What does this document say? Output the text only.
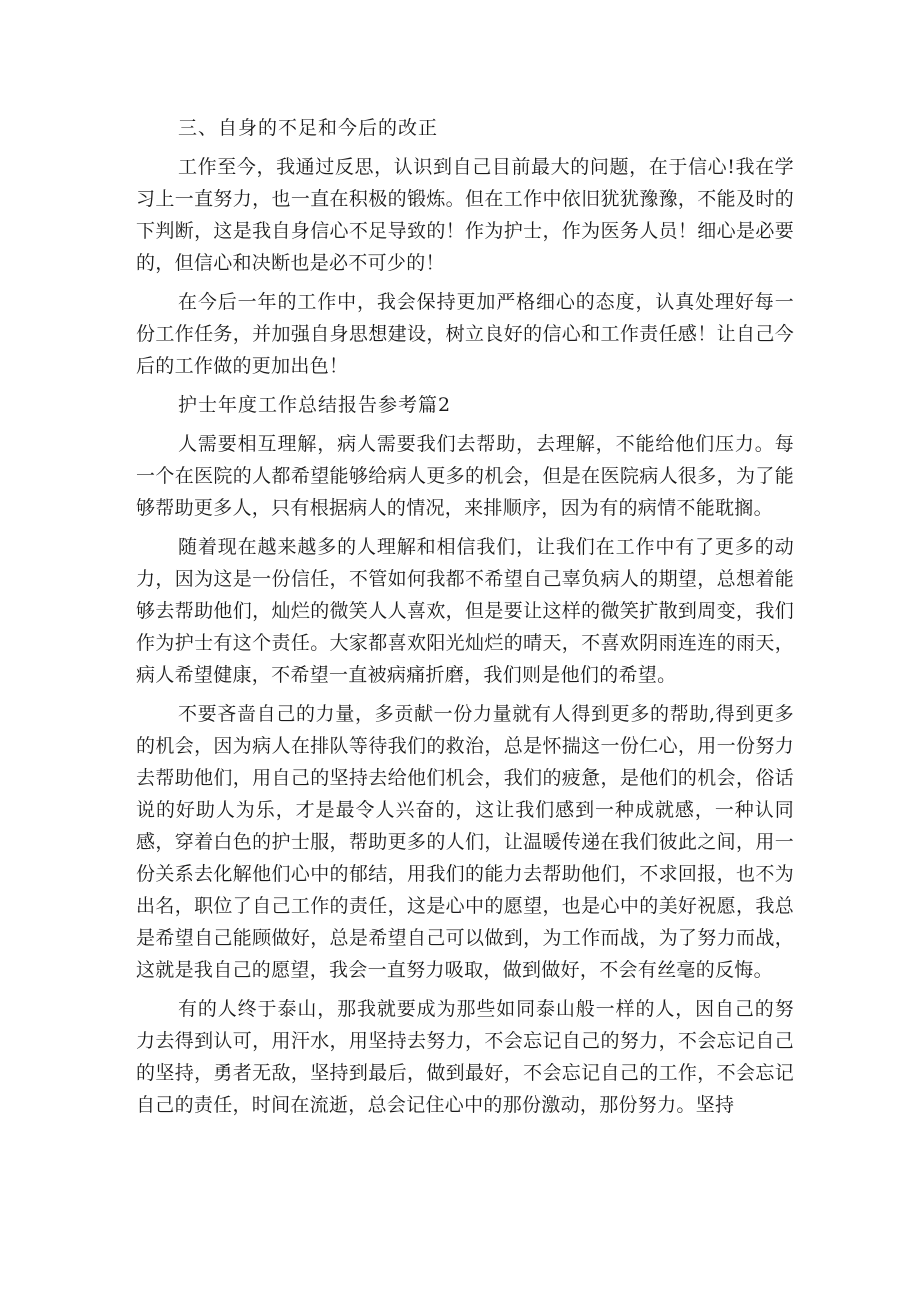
三、自身的不足和今后的改正

工作至今，我通过反思，认识到自己目前最大的问题，在于信心!我在学习上一直努力，也一直在积极的锻炼。但在工作中依旧犹犹豫豫，不能及时的下判断，这是我自身信心不足导致的！作为护士，作为医务人员！细心是必要的，但信心和决断也是必不可少的！

在今后一年的工作中，我会保持更加严格细心的态度，认真处理好每一份工作任务，并加强自身思想建设，树立良好的信心和工作责任感！让自己今后的工作做的更加出色！

护士年度工作总结报告参考篇2

人需要相互理解，病人需要我们去帮助，去理解，不能给他们压力。每一个在医院的人都希望能够给病人更多的机会，但是在医院病人很多，为了能够帮助更多人，只有根据病人的情况，来排顺序，因为有的病情不能耽搁。

随着现在越来越多的人理解和相信我们，让我们在工作中有了更多的动力，因为这是一份信任，不管如何我都不希望自己辜负病人的期望，总想着能够去帮助他们，灿烂的微笑人人喜欢，但是要让这样的微笑扩散到周变，我们作为护士有这个责任。大家都喜欢阳光灿烂的晴天，不喜欢阴雨连连的雨天，病人希望健康，不希望一直被病痛折磨，我们则是他们的希望。

不要吝啬自己的力量，多贡献一份力量就有人得到更多的帮助,得到更多的机会，因为病人在排队等待我们的救治，总是怀揣这一份仁心，用一份努力去帮助他们，用自己的坚持去给他们机会，我们的疲惫，是他们的机会，俗话说的好助人为乐，才是最令人兴奋的，这让我们感到一种成就感，一种认同感，穿着白色的护士服，帮助更多的人们，让温暖传递在我们彼此之间，用一份关系去化解他们心中的郁结，用我们的能力去帮助他们，不求回报，也不为出名，职位了自己工作的责任，这是心中的愿望，也是心中的美好祝愿，我总是希望自己能顾做好，总是希望自己可以做到，为工作而战，为了努力而战，这就是我自己的愿望，我会一直努力吸取，做到做好，不会有丝毫的反悔。

有的人终于泰山，那我就要成为那些如同泰山般一样的人，因自己的努力去得到认可，用汗水，用坚持去努力，不会忘记自己的努力，不会忘记自己的坚持，勇者无敌，坚持到最后，做到最好，不会忘记自己的工作，不会忘记自己的责任，时间在流逝，总会记住心中的那份激动，那份努力。坚持
